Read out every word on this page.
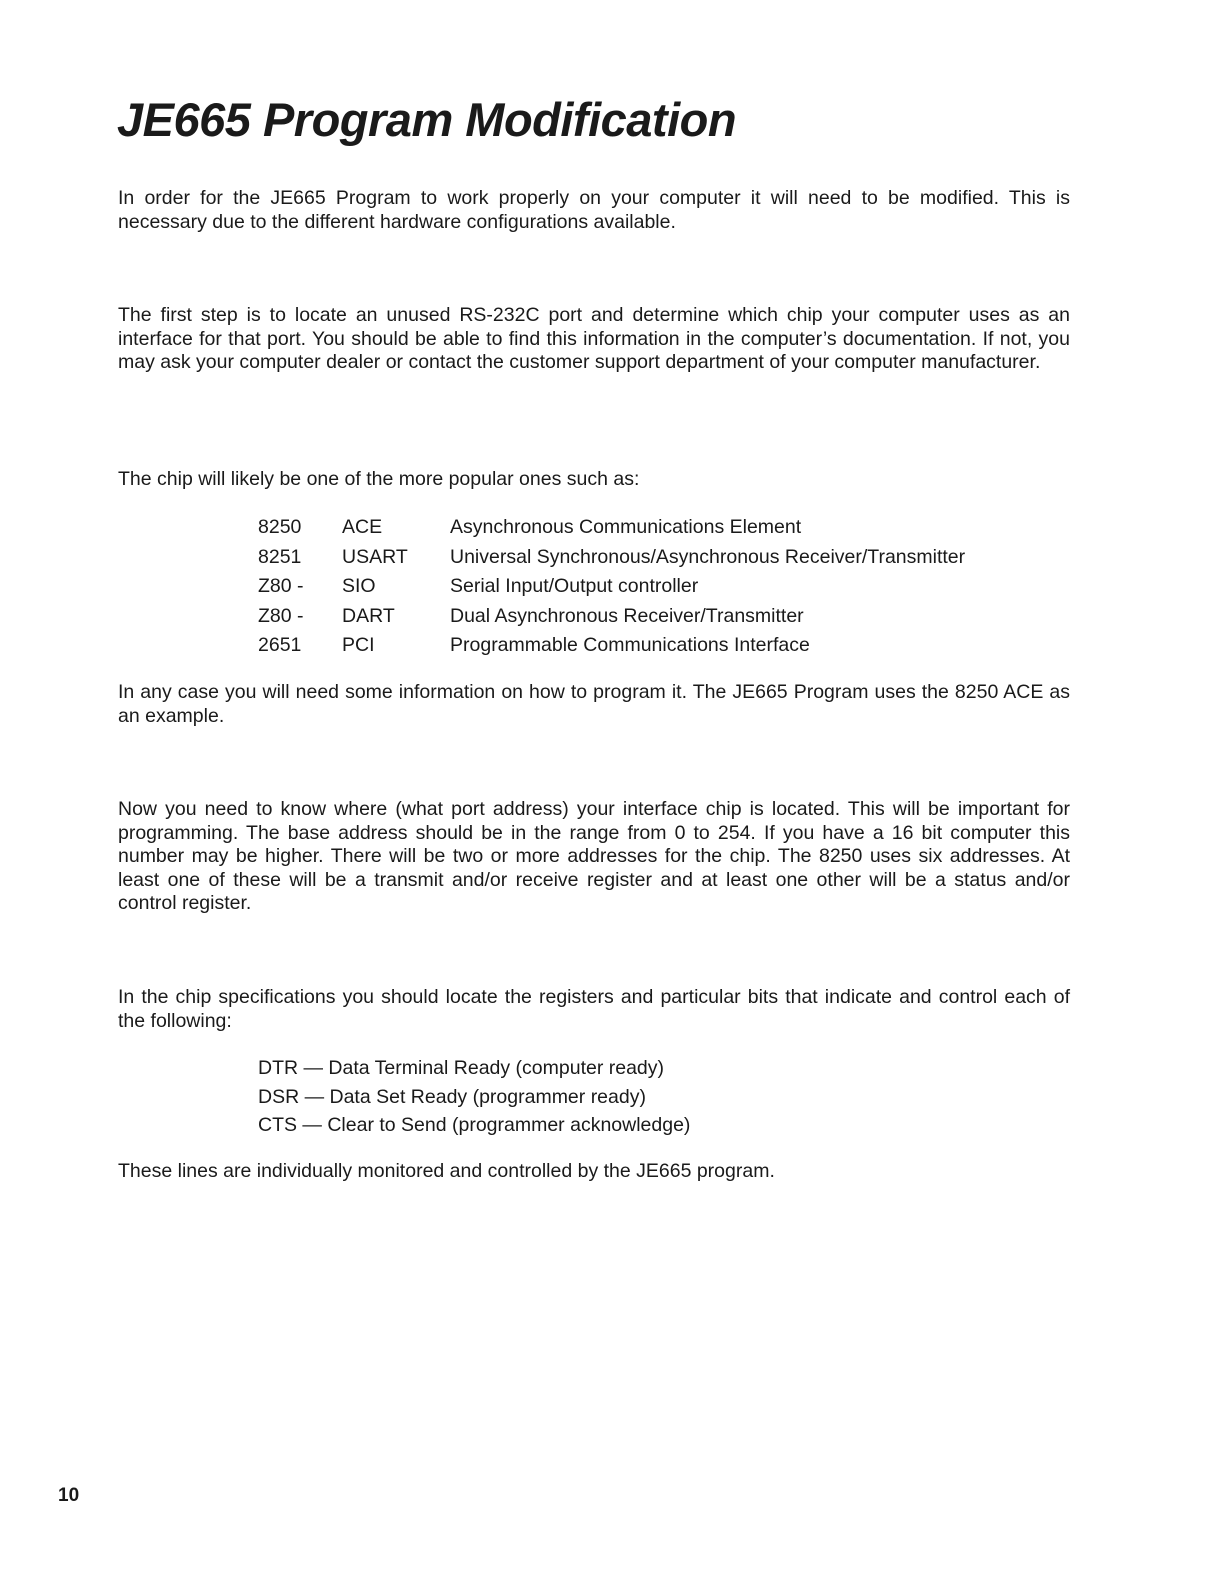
JE665 Program Modification

In order for the JE665 Program to work properly on your computer it will need to be modified. This is necessary due to the different hardware configurations available.

The first step is to locate an unused RS-232C port and determine which chip your computer uses as an interface for that port. You should be able to find this information in the computer’s documentation. If not, you may ask your computer dealer or contact the customer support department of your computer manufacturer.

The chip will likely be one of the more popular ones such as:

8250	ACE	Asynchronous Communications Element
8251	USART	Universal Synchronous/Asynchronous Receiver/Transmitter
Z80 -	SIO	Serial Input/Output controller
Z80 -	DART	Dual Asynchronous Receiver/Transmitter
2651	PCI	Programmable Communications Interface

In any case you will need some information on how to program it. The JE665 Program uses the 8250 ACE as an example.

Now you need to know where (what port address) your interface chip is located. This will be important for programming. The base address should be in the range from 0 to 254. If you have a 16 bit computer this number may be higher. There will be two or more addresses for the chip. The 8250 uses six addresses. At least one of these will be a transmit and/or receive register and at least one other will be a status and/or control register.

In the chip specifications you should locate the registers and particular bits that indicate and control each of the following:

DTR — Data Terminal Ready (computer ready)
DSR — Data Set Ready (programmer ready)
CTS — Clear to Send (programmer acknowledge)

These lines are individually monitored and controlled by the JE665 program.

10
